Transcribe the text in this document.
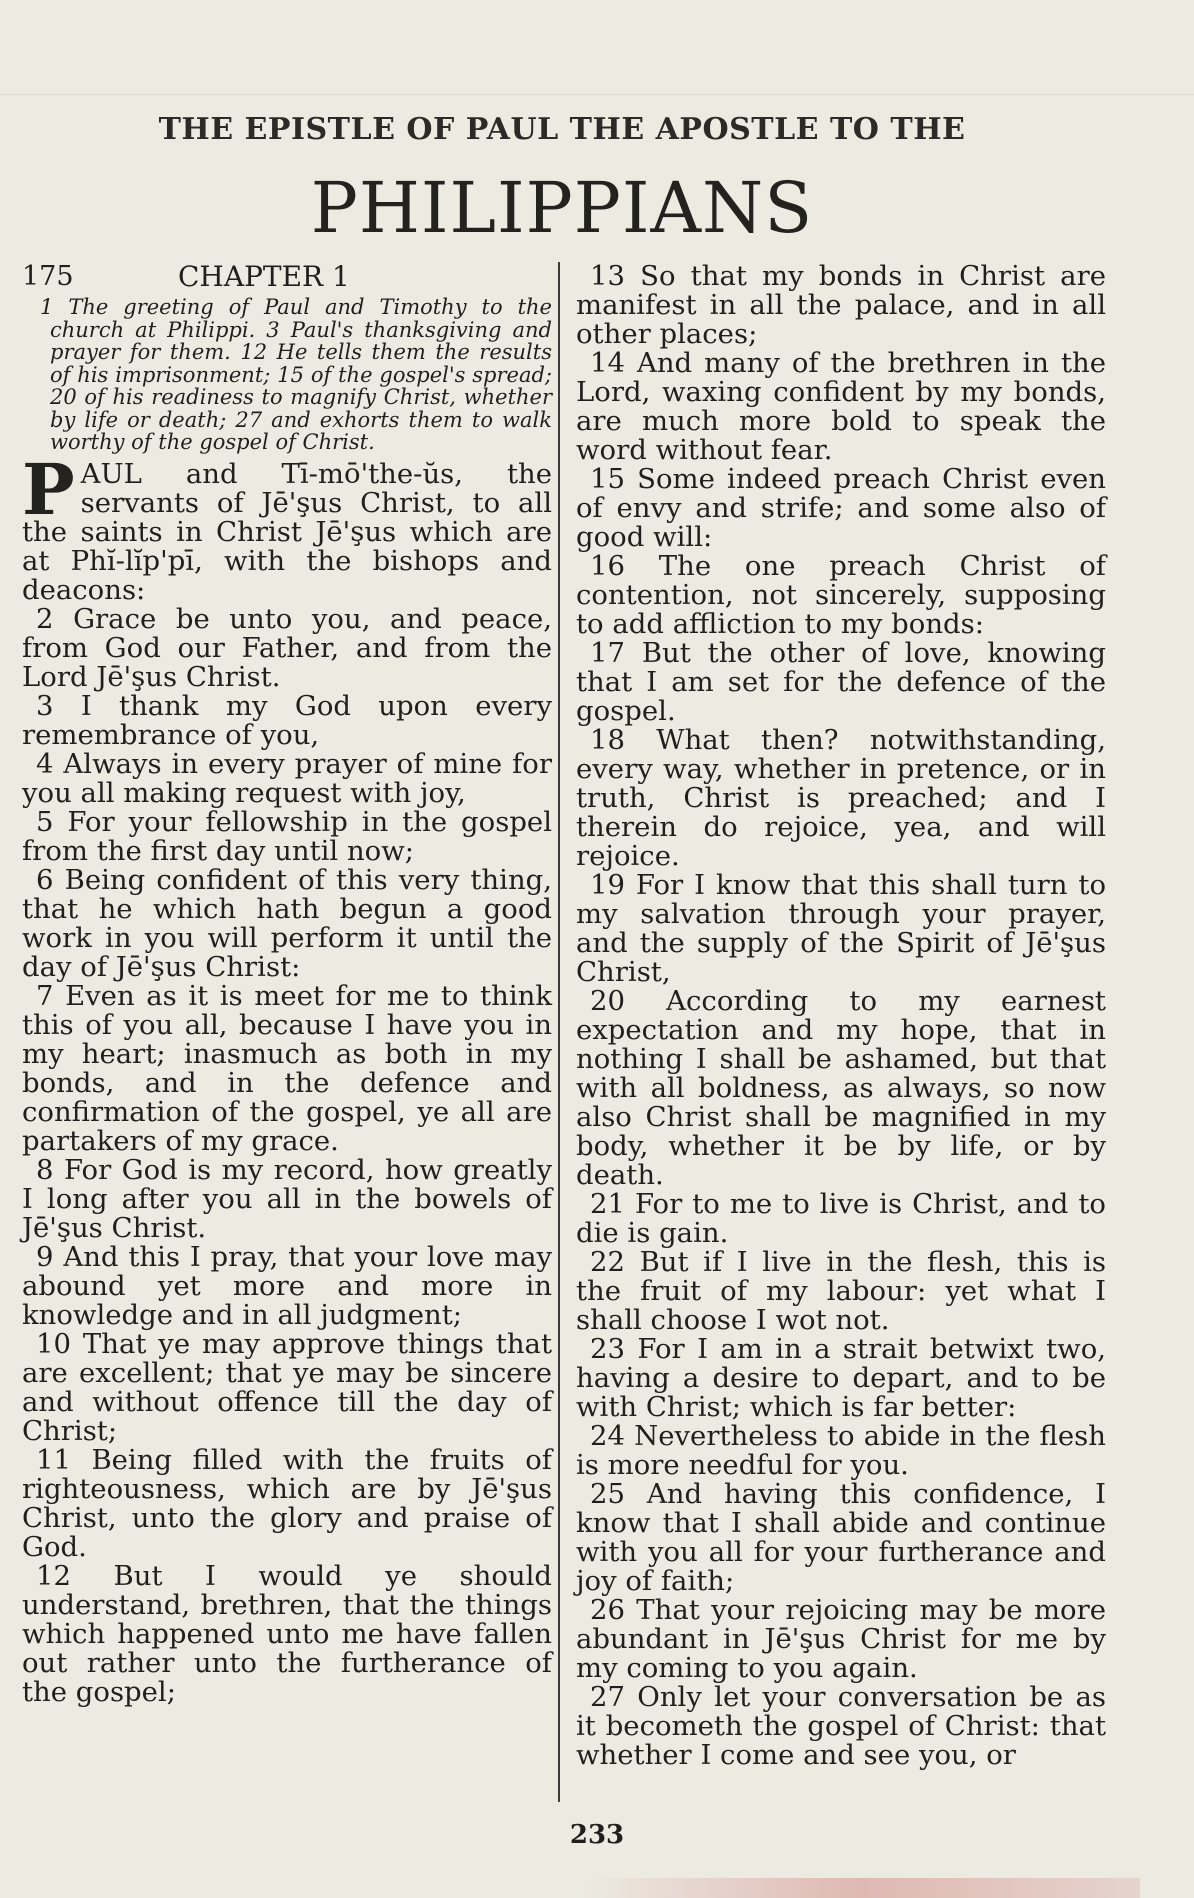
THE EPISTLE OF PAUL THE APOSTLE TO THE
PHILIPPIANS
175	CHAPTER 1

1 The greeting of Paul and Timothy to the church at Philippi. 3 Paul's thanksgiving and prayer for them. 12 He tells them the results of his imprisonment; 15 of the gospel's spread; 20 of his readiness to magnify Christ, whether by life or death; 27 and exhorts them to walk worthy of the gospel of Christ.

PAUL and Tī-mō'the-ŭs, the servants of Jē'şus Christ, to all the saints in Christ Jē'şus which are at Phĭ-lĭp'pī, with the bishops and deacons:

2 Grace be unto you, and peace, from God our Father, and from the Lord Jē'şus Christ.

3 I thank my God upon every remembrance of you,

4 Always in every prayer of mine for you all making request with joy,

5 For your fellowship in the gospel from the first day until now;

6 Being confident of this very thing, that he which hath begun a good work in you will perform it until the day of Jē'şus Christ:

7 Even as it is meet for me to think this of you all, because I have you in my heart; inasmuch as both in my bonds, and in the defence and confirmation of the gospel, ye all are partakers of my grace.

8 For God is my record, how greatly I long after you all in the bowels of Jē'şus Christ.

9 And this I pray, that your love may abound yet more and more in knowledge and in all judgment;

10 That ye may approve things that are excellent; that ye may be sincere and without offence till the day of Christ;

11 Being filled with the fruits of righteousness, which are by Jē'şus Christ, unto the glory and praise of God.

12 But I would ye should understand, brethren, that the things which happened unto me have fallen out rather unto the furtherance of the gospel;

13 So that my bonds in Christ are manifest in all the palace, and in all other places;

14 And many of the brethren in the Lord, waxing confident by my bonds, are much more bold to speak the word without fear.

15 Some indeed preach Christ even of envy and strife; and some also of good will:

16 The one preach Christ of contention, not sincerely, supposing to add affliction to my bonds:

17 But the other of love, knowing that I am set for the defence of the gospel.

18 What then? notwithstanding, every way, whether in pretence, or in truth, Christ is preached; and I therein do rejoice, yea, and will rejoice.

19 For I know that this shall turn to my salvation through your prayer, and the supply of the Spirit of Jē'şus Christ,

20 According to my earnest expectation and my hope, that in nothing I shall be ashamed, but that with all boldness, as always, so now also Christ shall be magnified in my body, whether it be by life, or by death.

21 For to me to live is Christ, and to die is gain.

22 But if I live in the flesh, this is the fruit of my labour: yet what I shall choose I wot not.

23 For I am in a strait betwixt two, having a desire to depart, and to be with Christ; which is far better:

24 Nevertheless to abide in the flesh is more needful for you.

25 And having this confidence, I know that I shall abide and continue with you all for your furtherance and joy of faith;

26 That your rejoicing may be more abundant in Jē'şus Christ for me by my coming to you again.

27 Only let your conversation be as it becometh the gospel of Christ: that whether I come and see you, or

233
